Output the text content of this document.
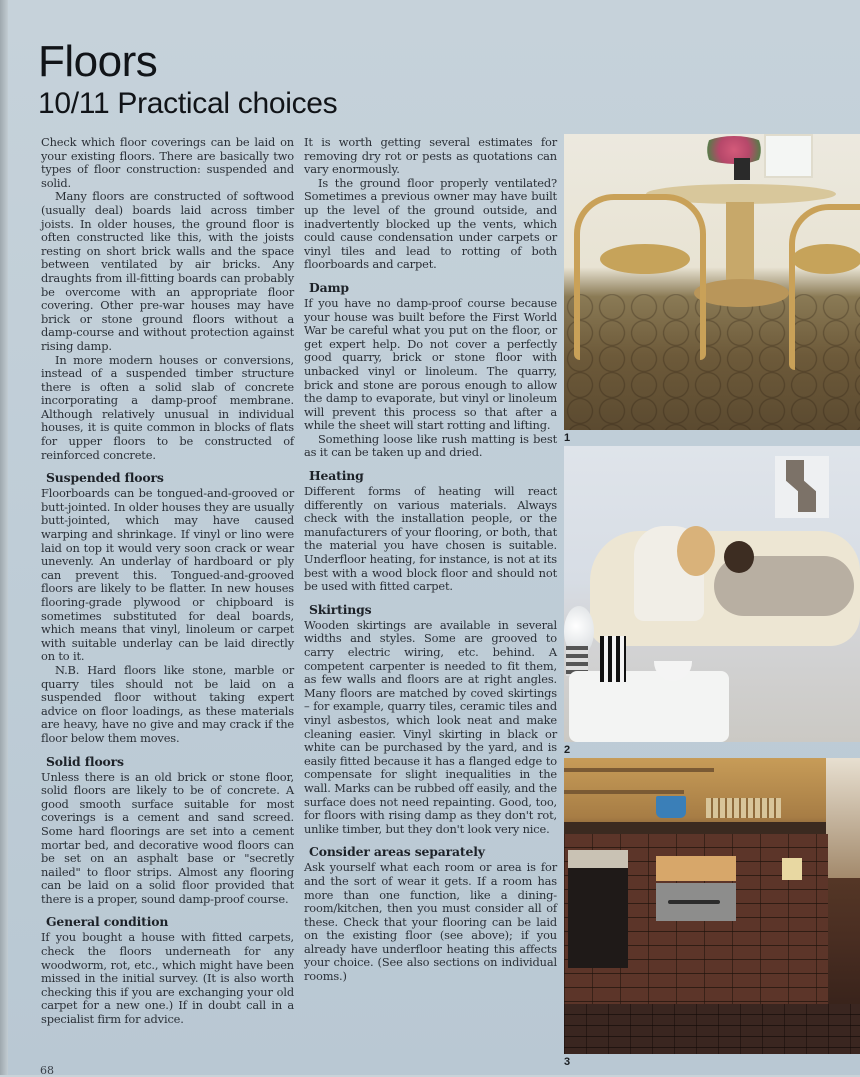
Floors
10/11 Practical choices

Check which floor coverings can be laid on your existing floors. There are basically two types of floor construction: suspended and solid.

Many floors are constructed of softwood (usually deal) boards laid across timber joists. In older houses, the ground floor is often constructed like this, with the joists resting on short brick walls and the space between ventilated by air bricks. Any draughts from ill-fitting boards can probably be overcome with an appropriate floor covering. Other pre-war houses may have brick or stone ground floors without a damp-course and without protection against rising damp.

In more modern houses or conversions, instead of a suspended timber structure there is often a solid slab of concrete incorporating a damp-proof membrane. Although relatively unusual in individual houses, it is quite common in blocks of flats for upper floors to be constructed of reinforced concrete.

Suspended floors

Floorboards can be tongued-and-grooved or butt-jointed. In older houses they are usually butt-jointed, which may have caused warping and shrinkage. If vinyl or lino were laid on top it would very soon crack or wear unevenly. An underlay of hardboard or ply can prevent this. Tongued-and-grooved floors are likely to be flatter. In new houses flooring-grade plywood or chipboard is sometimes substituted for deal boards, which means that vinyl, linoleum or carpet with suitable underlay can be laid directly on to it.

N.B. Hard floors like stone, marble or quarry tiles should not be laid on a suspended floor without taking expert advice on floor loadings, as these materials are heavy, have no give and may crack if the floor below them moves.

Solid floors

Unless there is an old brick or stone floor, solid floors are likely to be of concrete. A good smooth surface suitable for most coverings is a cement and sand screed. Some hard floorings are set into a cement mortar bed, and decorative wood floors can be set on an asphalt base or "secretly nailed" to floor strips. Almost any flooring can be laid on a solid floor provided that there is a proper, sound damp-proof course.

General condition

If you bought a house with fitted carpets, check the floors underneath for any woodworm, rot, etc., which might have been missed in the initial survey. (It is also worth checking this if you are exchanging your old carpet for a new one.) If in doubt call in a specialist firm for advice.

It is worth getting several estimates for removing dry rot or pests as quotations can vary enormously.

Is the ground floor properly ventilated? Sometimes a previous owner may have built up the level of the ground outside, and inadvertently blocked up the vents, which could cause condensation under carpets or vinyl tiles and lead to rotting of both floorboards and carpet.

Damp

If you have no damp-proof course because your house was built before the First World War be careful what you put on the floor, or get expert help. Do not cover a perfectly good quarry, brick or stone floor with unbacked vinyl or linoleum. The quarry, brick and stone are porous enough to allow the damp to evaporate, but vinyl or linoleum will prevent this process so that after a while the sheet will start rotting and lifting.

Something loose like rush matting is best as it can be taken up and dried.

Heating

Different forms of heating will react differently on various materials. Always check with the installation people, or the manufacturers of your flooring, or both, that the material you have chosen is suitable. Underfloor heating, for instance, is not at its best with a wood block floor and should not be used with fitted carpet.

Skirtings

Wooden skirtings are available in several widths and styles. Some are grooved to carry electric wiring, etc. behind. A competent carpenter is needed to fit them, as few walls and floors are at right angles. Many floors are matched by coved skirtings – for example, quarry tiles, ceramic tiles and vinyl asbestos, which look neat and make cleaning easier. Vinyl skirting in black or white can be purchased by the yard, and is easily fitted because it has a flanged edge to compensate for slight inequalities in the wall. Marks can be rubbed off easily, and the surface does not need repainting. Good, too, for floors with rising damp as they don't rot, unlike timber, but they don't look very nice.

Consider areas separately

Ask yourself what each room or area is for and the sort of wear it gets. If a room has more than one function, like a dining-room/kitchen, then you must consider all of these. Check that your flooring can be laid on the existing floor (see above); if you already have underfloor heating this affects your choice. (See also sections on individual rooms.)

1
2
3
68
